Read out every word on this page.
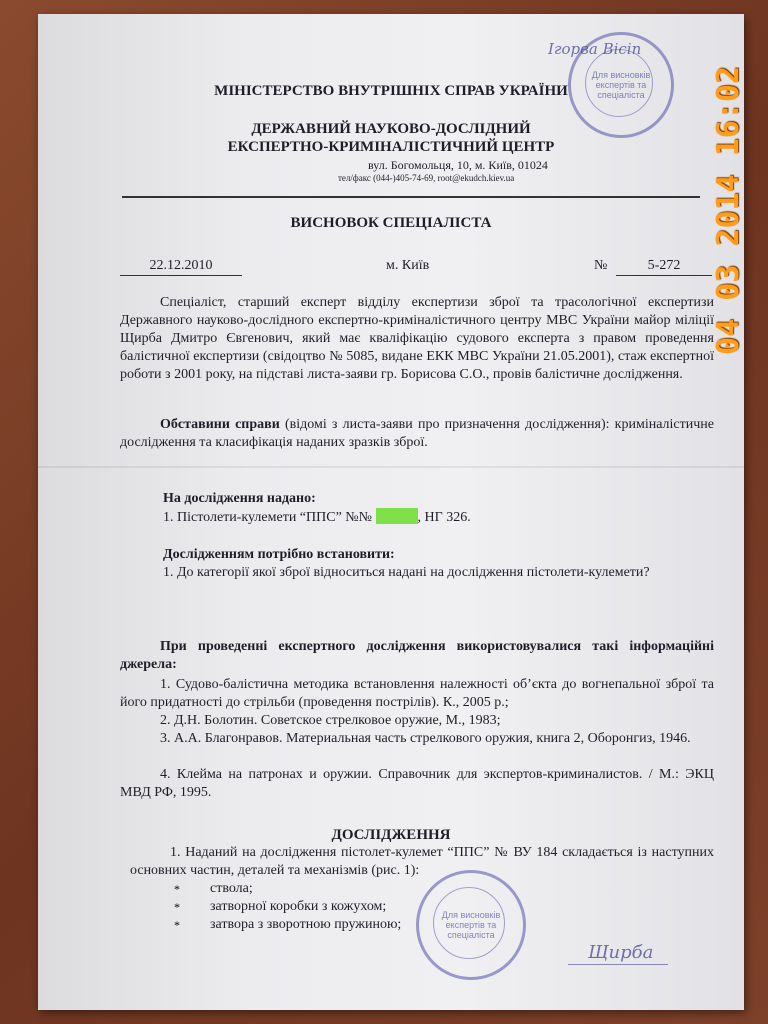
МІНІСТЕРСТВО ВНУТРІШНІХ СПРАВ УКРАЇНИ
ДЕРЖАВНИЙ НАУКОВО-ДОСЛІДНИЙ
ЕКСПЕРТНО-КРИМІНАЛІСТИЧНИЙ ЦЕНТР
вул. Богомольця, 10, м. Київ, 01024
тел/факс (044-)405-74-69, root@ekudch.kiev.ua
ВИСНОВОК СПЕЦІАЛІСТА
22.12.2010	м. Київ	№	5-272
Спеціаліст, старший експерт відділу експертизи зброї та трасологічної експертизи Державного науково-дослідного експертно-криміналістичного центру МВС України майор міліції Щирба Дмитро Євгенович, який має кваліфікацію судового експерта з правом проведення балістичної експертизи (свідоцтво № 5085, видане ЕКК МВС України 21.05.2001), стаж експертної роботи з 2001 року, на підставі листа-заяви гр. Борисова С.О., провів балістичне дослідження.
Обставини справи (відомі з листа-заяви про призначення дослідження): криміналістичне дослідження та класифікація наданих зразків зброї.
На дослідження надано:
1. Пістолети-кулемети “ППС” №№	, НГ 326.
Дослідженням потрібно встановити:
1. До категорії якої зброї відноситься надані на дослідження пістолети-кулемети?
При проведенні експертного дослідження використовувалися такі інформаційні джерела:
1. Судово-балістична методика встановлення належності об’єкта до вогнепальної зброї та його придатності до стрільби (проведення пострілів). К., 2005 р.;
2. Д.Н. Болотин. Советское стрелковое оружие, М., 1983;
3. А.А. Благонравов. Материальная часть стрелкового оружия, книга 2, Оборонгиз, 1946.
4. Клейма на патронах и оружии. Справочник для экспертов-криминалистов. / М.: ЭКЦ МВД РФ, 1995.
ДОСЛІДЖЕННЯ
1. Наданий на дослідження пістолет-кулемет “ППС” № ВУ 184 складається із наступних основних частин, деталей та механізмів (рис. 1):
* ствола;
* затворної коробки з кожухом;
* затвора з зворотною пружиною;
Для висновків експертів та спеціаліста
Ігорвa Вісіп
Для висновків експертів та спеціаліста
Щирба
04 03 2014 16:02
